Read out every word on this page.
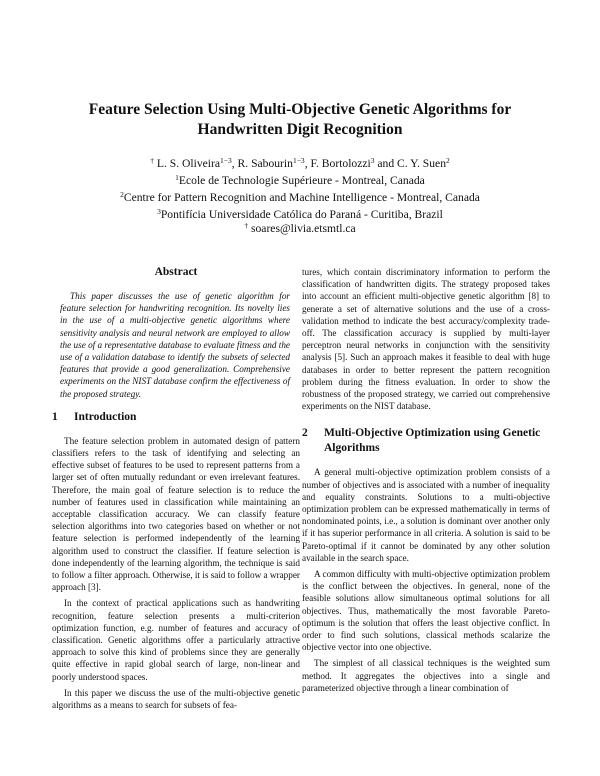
Feature Selection Using Multi-Objective Genetic Algorithms for Handwritten Digit Recognition
† L. S. Oliveira$^{1-3}$, R. Sabourin$^{1-3}$, F. Bortolozzi$^3$ and C. Y. Suen$^2$
$^1$Ecole de Technologie Supérieure - Montreal, Canada
$^2$Centre for Pattern Recognition and Machine Intelligence - Montreal, Canada
$^3$Pontifícia Universidade Católica do Paraná - Curitiba, Brazil
† soares@livia.etsmtl.ca
Abstract

This paper discusses the use of genetic algorithm for feature selection for handwriting recognition. Its novelty lies in the use of a multi-objective genetic algorithms where sensitivity analysis and neural network are employed to allow the use of a representative database to evaluate fitness and the use of a validation database to identify the subsets of selected features that provide a good generalization. Comprehensive experiments on the NIST database confirm the effectiveness of the proposed strategy.

1	Introduction

The feature selection problem in automated design of pattern classifiers refers to the task of identifying and selecting an effective subset of features to be used to represent patterns from a larger set of often mutually redundant or even irrelevant features. Therefore, the main goal of feature selection is to reduce the number of features used in classification while maintaining an acceptable classification accuracy. We can classify feature selection algorithms into two categories based on whether or not feature selection is performed independently of the learning algorithm used to construct the classifier. If feature selection is done independently of the learning algorithm, the technique is said to follow a filter approach. Otherwise, it is said to follow a wrapper approach [3].

In the context of practical applications such as handwriting recognition, feature selection presents a multi-criterion optimization function, e.g. number of features and accuracy of classification. Genetic algorithms offer a particularly attractive approach to solve this kind of problems since they are generally quite effective in rapid global search of large, non-linear and poorly understood spaces.

In this paper we discuss the use of the multi-objective genetic algorithms as a means to search for subsets of fea-

tures, which contain discriminatory information to perform the classification of handwritten digits. The strategy proposed takes into account an efficient multi-objective genetic algorithm [8] to generate a set of alternative solutions and the use of a cross-validation method to indicate the best accuracy/complexity trade-off. The classification accuracy is supplied by multi-layer perceptron neural networks in conjunction with the sensitivity analysis [5]. Such an approach makes it feasible to deal with huge databases in order to better represent the pattern recognition problem during the fitness evaluation. In order to show the robustness of the proposed strategy, we carried out comprehensive experiments on the NIST database.

2	Multi-Objective Optimization using Genetic Algorithms

A general multi-objective optimization problem consists of a number of objectives and is associated with a number of inequality and equality constraints. Solutions to a multi-objective optimization problem can be expressed mathematically in terms of nondominated points, i.e., a solution is dominant over another only if it has superior performance in all criteria. A solution is said to be Pareto-optimal if it cannot be dominated by any other solution available in the search space.

A common difficulty with multi-objective optimization problem is the conflict between the objectives. In general, none of the feasible solutions allow simultaneous optimal solutions for all objectives. Thus, mathematically the most favorable Pareto-optimum is the solution that offers the least objective conflict. In order to find such solutions, classical methods scalarize the objective vector into one objective.

The simplest of all classical techniques is the weighted sum method. It aggregates the objectives into a single and parameterized objective through a linear combination of
